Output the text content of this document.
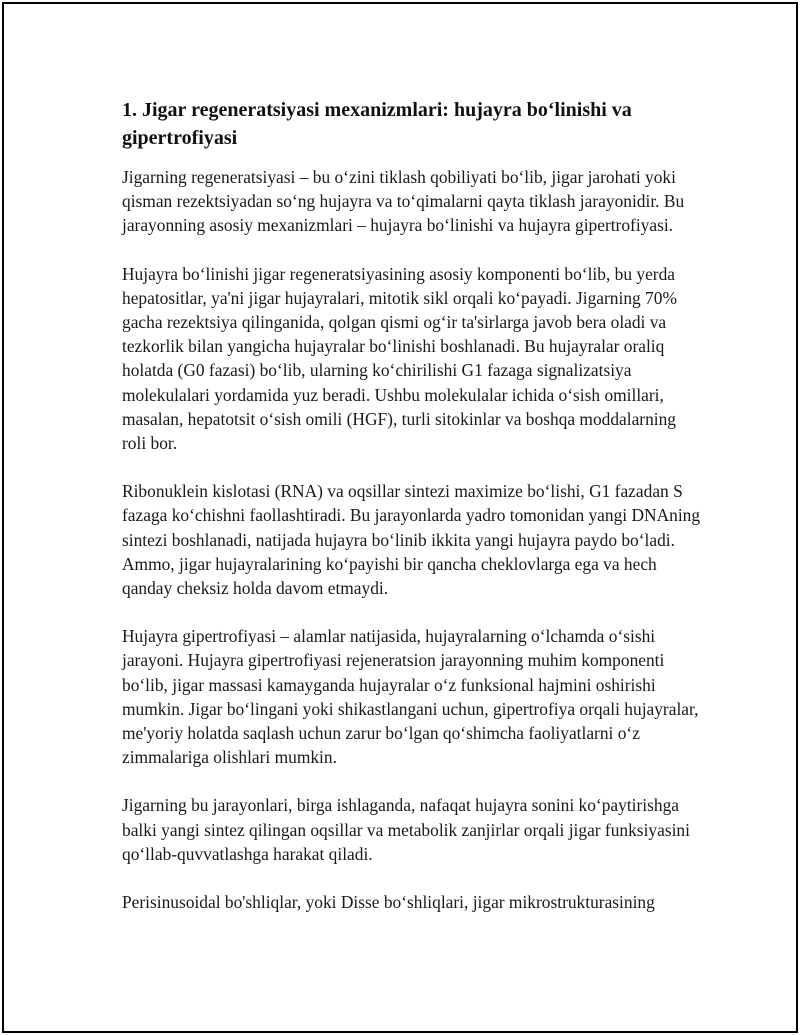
1. Jigar regeneratsiyasi mexanizmlari: hujayra bo‘linishi va gipertrofiyasi

Jigarning regeneratsiyasi – bu o‘zini tiklash qobiliyati bo‘lib, jigar jarohati yoki qisman rezektsiyadan so‘ng hujayra va to‘qimalarni qayta tiklash jarayonidir. Bu jarayonning asosiy mexanizmlari – hujayra bo‘linishi va hujayra gipertrofiyasi.

Hujayra bo‘linishi jigar regeneratsiyasining asosiy komponenti bo‘lib, bu yerda hepatositlar, ya'ni jigar hujayralari, mitotik sikl orqali ko‘payadi. Jigarning 70% gacha rezektsiya qilinganida, qolgan qismi og‘ir ta'sirlarga javob bera oladi va tezkorlik bilan yangicha hujayralar bo‘linishi boshlanadi. Bu hujayralar oraliq holatda (G0 fazasi) bo‘lib, ularning ko‘chirilishi G1 fazaga signalizatsiya molekulalari yordamida yuz beradi. Ushbu molekulalar ichida o‘sish omillari, masalan, hepatotsit o‘sish omili (HGF), turli sitokinlar va boshqa moddalarning roli bor.

Ribonuklein kislotasi (RNA) va oqsillar sintezi maximize bo‘lishi, G1 fazadan S fazaga ko‘chishni faollashtiradi. Bu jarayonlarda yadro tomonidan yangi DNAning sintezi boshlanadi, natijada hujayra bo‘linib ikkita yangi hujayra paydo bo‘ladi. Ammo, jigar hujayralarining ko‘payishi bir qancha cheklovlarga ega va hech qanday cheksiz holda davom etmaydi.

Hujayra gipertrofiyasi – alamlar natijasida, hujayralarning o‘lchamda o‘sishi jarayoni. Hujayra gipertrofiyasi rejeneratsion jarayonning muhim komponenti bo‘lib, jigar massasi kamayganda hujayralar o‘z funksional hajmini oshirishi mumkin. Jigar bo‘lingani yoki shikastlangani uchun, gipertrofiya orqali hujayralar, me'yoriy holatda saqlash uchun zarur bo‘lgan qo‘shimcha faoliyatlarni o‘z zimmalariga olishlari mumkin.

Jigarning bu jarayonlari, birga ishlaganda, nafaqat hujayra sonini ko‘paytirishga balki yangi sintez qilingan oqsillar va metabolik zanjirlar orqali jigar funksiyasini qo‘llab-quvvatlashga harakat qiladi.

Perisinusoidal bo'shliqlar, yoki Disse bo‘shliqlari, jigar mikrostrukturasining
